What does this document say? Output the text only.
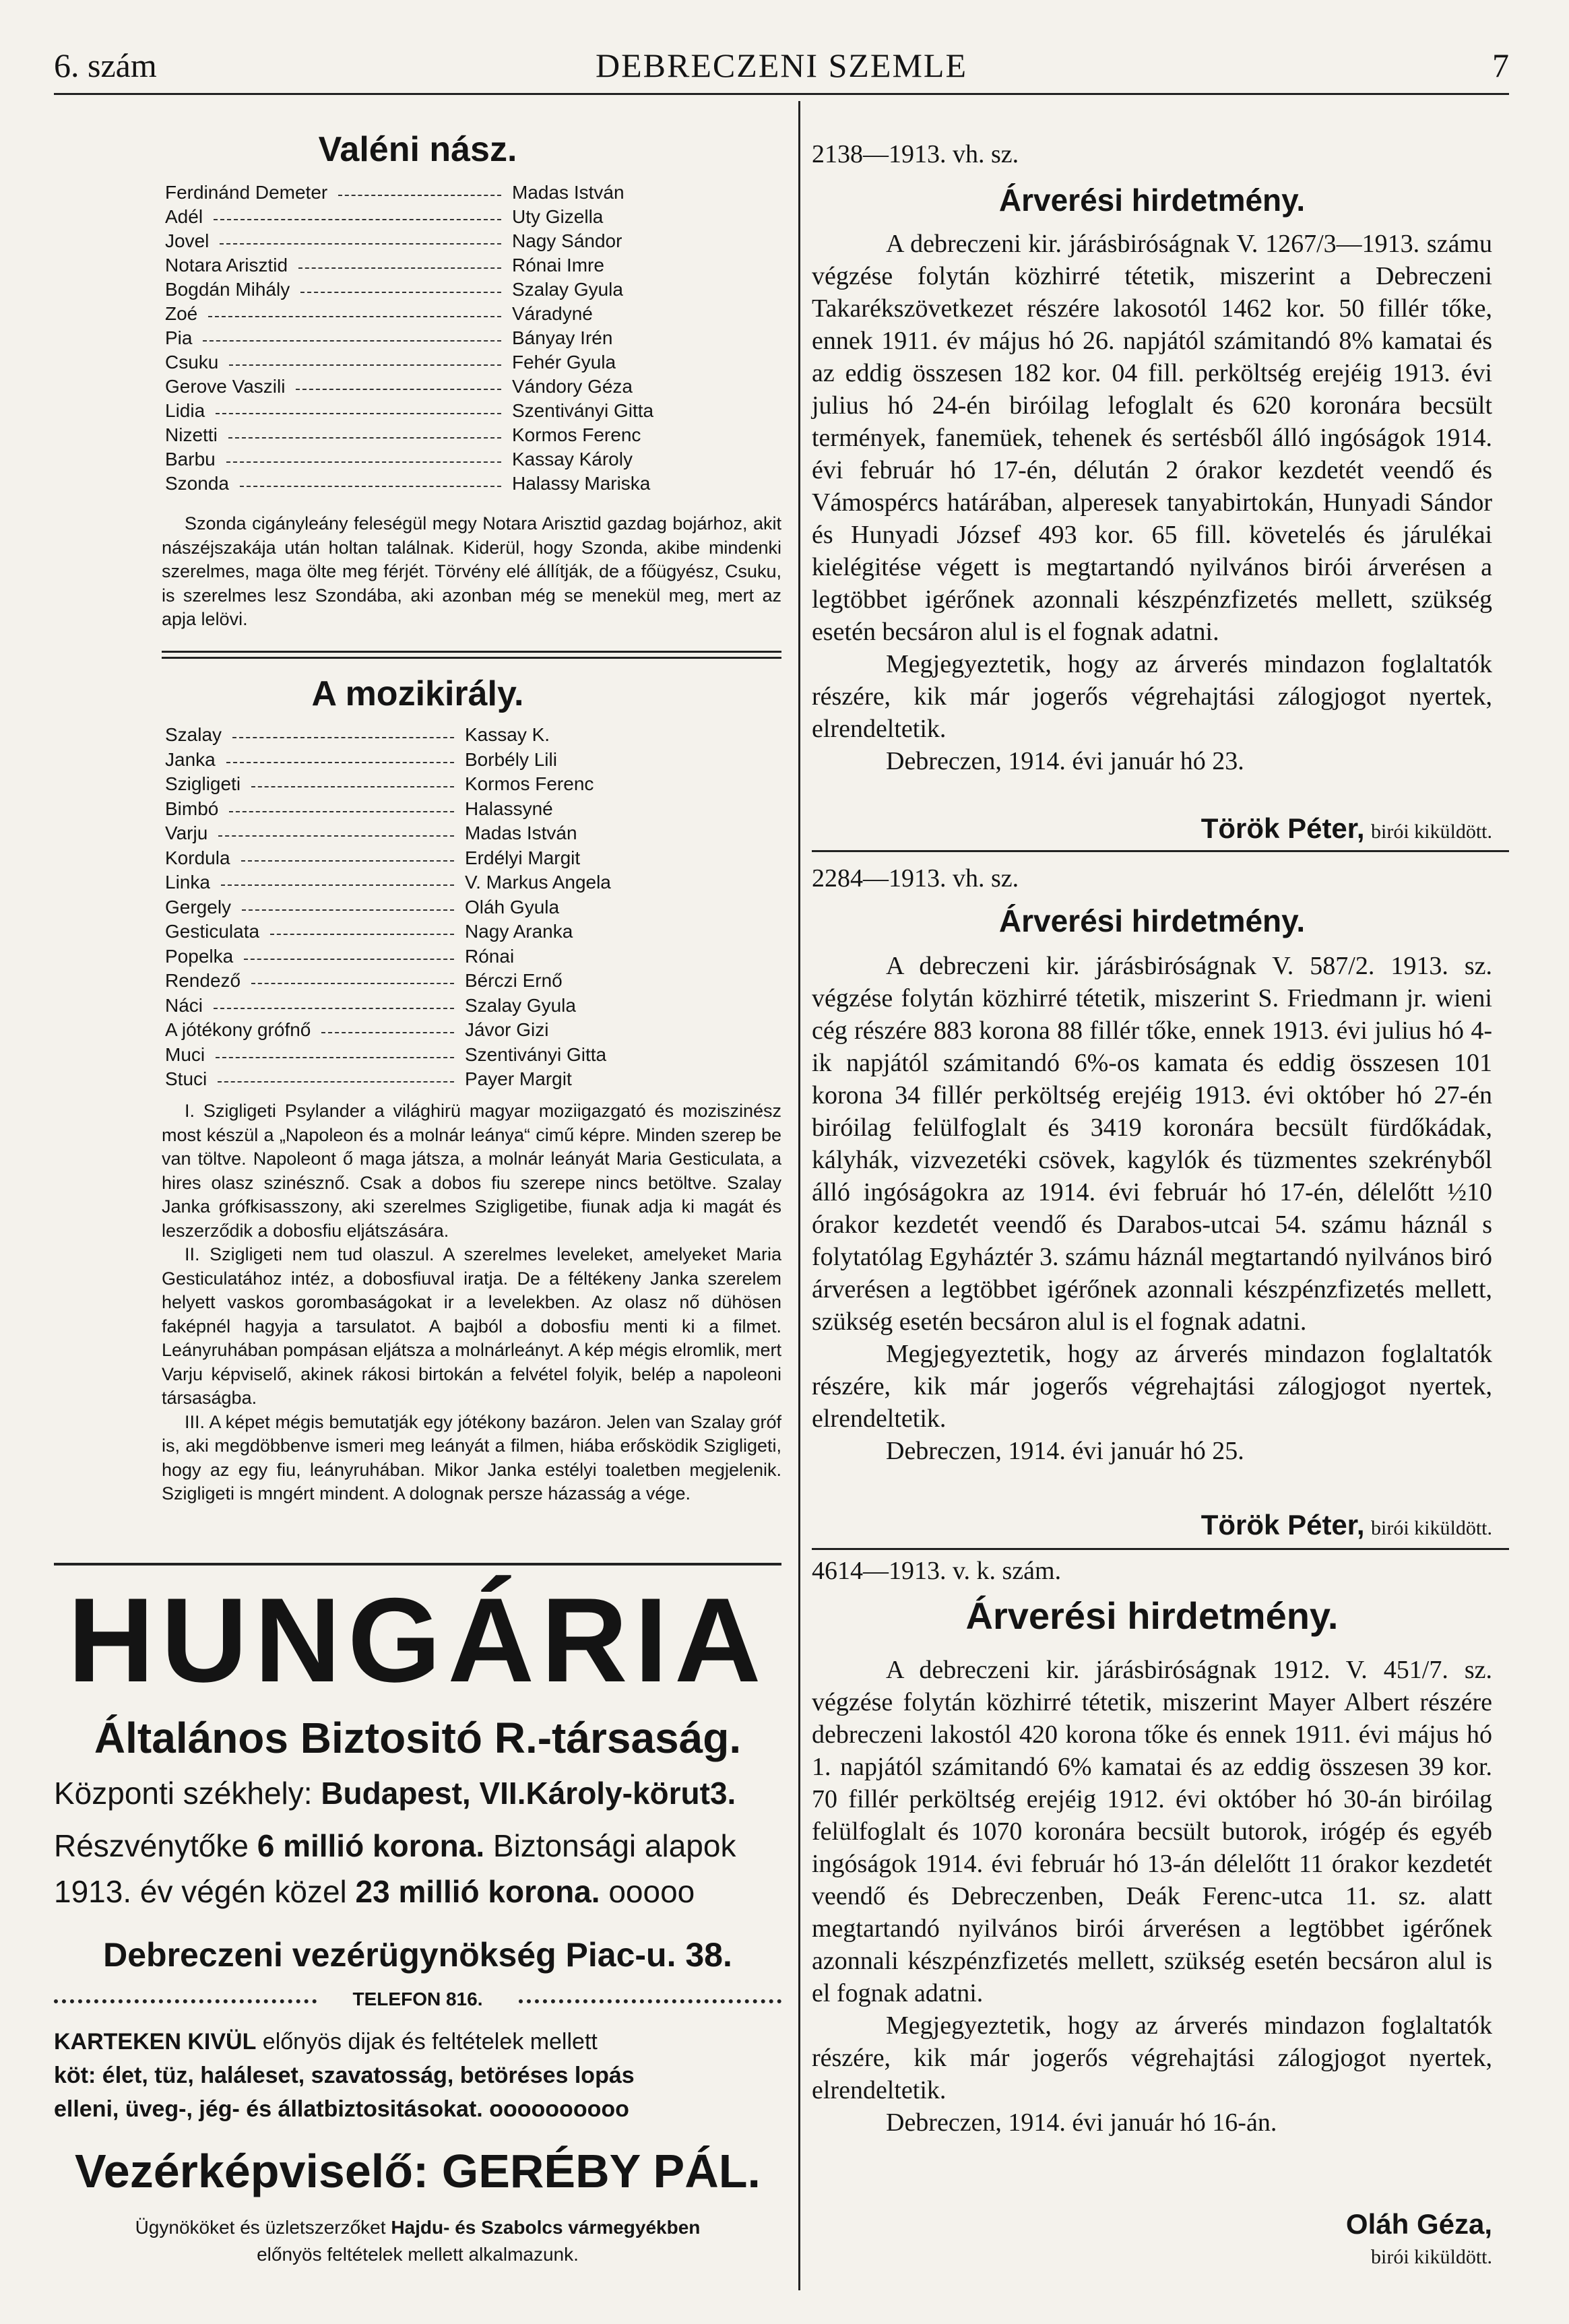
6. szám	DEBRECZENI SZEMLE	7
Valéni nász.
Ferdinánd Demeter	Madas István
Adél	Uty Gizella
Jovel	Nagy Sándor
Notara Arisztid	Rónai Imre
Bogdán Mihály	Szalay Gyula
Zoé	Váradyné
Pia	Bányay Irén
Csuku	Fehér Gyula
Gerove Vaszili	Vándory Géza
Lidia	Szentiványi Gitta
Nizetti	Kormos Ferenc
Barbu	Kassay Károly
Szonda	Halassy Mariska

Szonda cigányleány feleségül megy Notara Arisztid gazdag bojárhoz, akit nászéjszakája után holtan találnak. Kiderül, hogy Szonda, akibe mindenki szerelmes, maga ölte meg férjét. Törvény elé állítják, de a főügyész, Csuku, is szerelmes lesz Szondába, aki azonban még se menekül meg, mert az apja lelövi.

A mozikirály.
Szalay	Kassay K.
Janka	Borbély Lili
Szigligeti	Kormos Ferenc
Bimbó	Halassyné
Varju	Madas István
Kordula	Erdélyi Margit
Linka	V. Markus Angela
Gergely	Oláh Gyula
Gesticulata	Nagy Aranka
Popelka	Rónai
Rendező	Bérczi Ernő
Náci	Szalay Gyula
A jótékony grófnő	Jávor Gizi
Muci	Szentiványi Gitta
Stuci	Payer Margit

I. Szigligeti Psylander a világhirü magyar moziigazgató és moziszinész most készül a „Napoleon és a molnár leánya“ cimű képre. Minden szerep be van töltve. Napoleont ő maga játsza, a molnár leányát Maria Gesticulata, a hires olasz szinésznő. Csak a dobos fiu szerepe nincs betöltve. Szalay Janka grófkisasszony, aki szerelmes Szigligetibe, fiunak adja ki magát és leszerződik a dobosfiu eljátszására.

II. Szigligeti nem tud olaszul. A szerelmes leveleket, amelyeket Maria Gesticulatához intéz, a dobosfiuval iratja. De a féltékeny Janka szerelem helyett vaskos gorombaságokat ir a levelekben. Az olasz nő dühösen faképnél hagyja a tarsulatot. A bajból a dobosfiu menti ki a filmet. Leányruhában pompásan eljátsza a molnárleányt. A kép mégis elromlik, mert Varju képviselő, akinek rákosi birtokán a felvétel folyik, belép a napoleoni társaságba.

III. A képet mégis bemutatják egy jótékony bazáron. Jelen van Szalay gróf is, aki megdöbbenve ismeri meg leányát a filmen, hiába erősködik Szigligeti, hogy az egy fiu, leányruhában. Mikor Janka estélyi toaletben megjelenik. Szigligeti is mngért mindent. A dolognak persze házasság a vége.

HUNGÁRIA
Általános Biztositó R.-társaság.
Központi székhely: Budapest, VII.Károly-körut3.
Részvénytőke 6 millió korona. Biztonsági alapok
1913. év végén közel 23 millió korona. ooooo
Debreczeni vezérügynökség Piac-u. 38.
TELEFON 816.
KARTEKEN KIVÜL előnyös dijak és feltételek mellett
köt: élet, tüz, haláleset, szavatosság, betöréses lopás
elleni, üveg-, jég- és állatbiztositásokat. oooooooooo
Vezérképviselő: GERÉBY PÁL.
Ügynököket és üzletszerzőket Hajdu- és Szabolcs vármegyékben
előnyös feltételek mellett alkalmazunk.
2138—1913. vh. sz.
Árverési hirdetmény.

A debreczeni kir. járásbiróságnak V. 1267/3—1913. számu végzése folytán közhirré tétetik, miszerint a Debreczeni Takarékszövetkezet részére lakosotól 1462 kor. 50 fillér tőke, ennek 1911. év május hó 26. napjától számitandó 8% kamatai és az eddig összesen 182 kor. 04 fill. perköltség erejéig 1913. évi julius hó 24-én biróilag lefoglalt és 620 koronára becsült termények, fanemüek, tehenek és sertésből álló ingóságok 1914. évi február hó 17-én, délután 2 órakor kezdetét veendő és Vámospércs határában, alperesek tanyabirtokán, Hunyadi Sándor és Hunyadi József 493 kor. 65 fill. követelés és járulékai kielégitése végett is megtartandó nyilvános birói árverésen a legtöbbet igérőnek azonnali készpénzfizetés mellett, szükség esetén becsáron alul is el fognak adatni.

Megjegyeztetik, hogy az árverés mindazon foglaltatók részére, kik már jogerős végrehajtási zálogjogot nyertek, elrendeltetik.

Debreczen, 1914. évi január hó 23.

Török Péter, birói kiküldött.
2284—1913. vh. sz.
Árverési hirdetmény.

A debreczeni kir. járásbiróságnak V. 587/2. 1913. sz. végzése folytán közhirré tétetik, miszerint S. Friedmann jr. wieni cég részére 883 korona 88 fillér tőke, ennek 1913. évi julius hó 4-ik napjától számitandó 6%-os kamata és eddig összesen 101 korona 34 fillér perköltség erejéig 1913. évi október hó 27-én biróilag felülfoglalt és 3419 koronára becsült fürdőkádak, kályhák, vizvezetéki csövek, kagylók és tüzmentes szekrényből álló ingóságokra az 1914. évi február hó 17-én, délelőtt ½10 órakor kezdetét veendő és Darabos-utcai 54. számu háznál s folytatólag Egyháztér 3. számu háznál megtartandó nyilvános biró árverésen a legtöbbet igérőnek azonnali készpénzfizetés mellett, szükség esetén becsáron alul is el fognak adatni.

Megjegyeztetik, hogy az árverés mindazon foglaltatók részére, kik már jogerős végrehajtási zálogjogot nyertek, elrendeltetik.

Debreczen, 1914. évi január hó 25.

Török Péter, birói kiküldött.
4614—1913. v. k. szám.
Árverési hirdetmény.

A debreczeni kir. járásbiróságnak 1912. V. 451/7. sz. végzése folytán közhirré tétetik, miszerint Mayer Albert részére debreczeni lakostól 420 korona tőke és ennek 1911. évi május hó 1. napjától számitandó 6% kamatai és az eddig összesen 39 kor. 70 fillér perköltség erejéig 1912. évi október hó 30-án biróilag felülfoglalt és 1070 koronára becsült butorok, irógép és egyéb ingóságok 1914. évi február hó 13-án délelőtt 11 órakor kezdetét veendő és Debreczenben, Deák Ferenc-utca 11. sz. alatt megtartandó nyilvános birói árverésen a legtöbbet igérőnek azonnali készpénzfizetés mellett, szükség esetén becsáron alul is el fognak adatni.

Megjegyeztetik, hogy az árverés mindazon foglaltatók részére, kik már jogerős végrehajtási zálogjogot nyertek, elrendeltetik.

Debreczen, 1914. évi január hó 16-án.

Oláh Géza,
birói kiküldött.
